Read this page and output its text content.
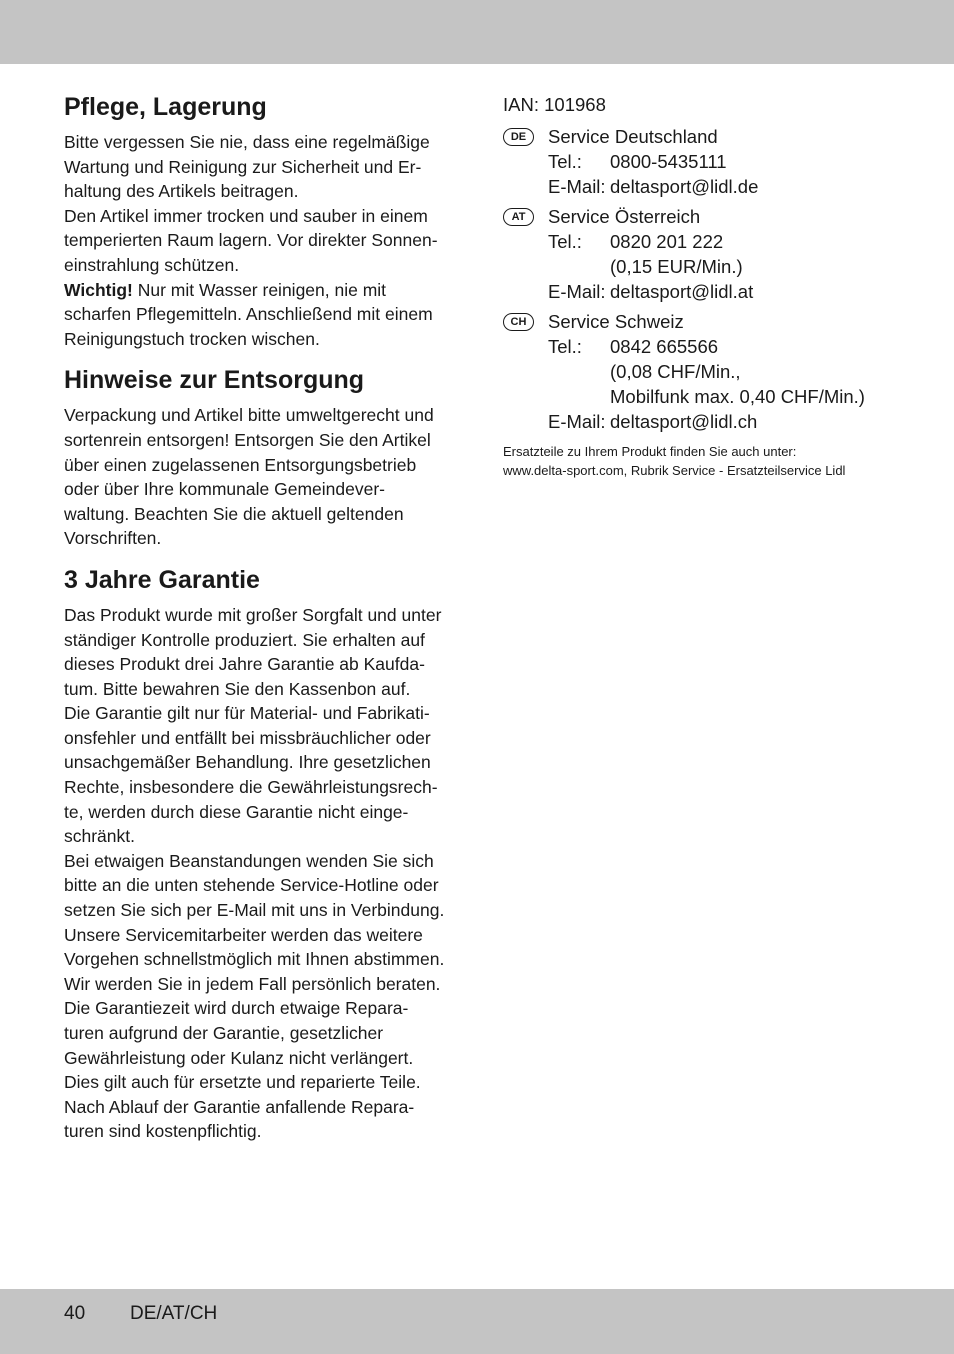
Pflege, Lagerung

Bitte vergessen Sie nie, dass eine regelmäßige
Wartung und Reinigung zur Sicherheit und Er-
haltung des Artikels beitragen.
Den Artikel immer trocken und sauber in einem
temperierten Raum lagern. Vor direkter Sonnen-
einstrahlung schützen.
Wichtig! Nur mit Wasser reinigen, nie mit
scharfen Pflegemitteln. Anschließend mit einem
Reinigungstuch trocken wischen.

Hinweise zur Entsorgung

Verpackung und Artikel bitte umweltgerecht und
sortenrein entsorgen! Entsorgen Sie den Artikel
über einen zugelassenen Entsorgungsbetrieb
oder über Ihre kommunale Gemeindever-
waltung. Beachten Sie die aktuell geltenden
Vorschriften.

3 Jahre Garantie

Das Produkt wurde mit großer Sorgfalt und unter
ständiger Kontrolle produziert. Sie erhalten auf
dieses Produkt drei Jahre Garantie ab Kaufda-
tum. Bitte bewahren Sie den Kassenbon auf.
Die Garantie gilt nur für Material- und Fabrikati-
onsfehler und entfällt bei missbräuchlicher oder
unsachgemäßer Behandlung. Ihre gesetzlichen
Rechte, insbesondere die Gewährleistungsrech-
te, werden durch diese Garantie nicht einge-
schränkt.
Bei etwaigen Beanstandungen wenden Sie sich
bitte an die unten stehende Service-Hotline oder
setzen Sie sich per E-Mail mit uns in Verbindung.
Unsere Servicemitarbeiter werden das weitere
Vorgehen schnellstmöglich mit Ihnen abstimmen.
Wir werden Sie in jedem Fall persönlich beraten.
Die Garantiezeit wird durch etwaige Repara-
turen aufgrund der Garantie, gesetzlicher
Gewährleistung oder Kulanz nicht verlängert.
Dies gilt auch für ersetzte und reparierte Teile.
Nach Ablauf der Garantie anfallende Repara-
turen sind kostenpflichtig.

IAN: 101968
DE	Service Deutschland
Tel.: 0800-5435111
E-Mail: deltasport@lidl.de
AT	Service Österreich
Tel.: 0820 201 222
(0,15 EUR/Min.)
E-Mail: deltasport@lidl.at
CH	Service Schweiz
Tel.: 0842 665566
(0,08 CHF/Min.,
Mobilfunk max. 0,40 CHF/Min.)
E-Mail: deltasport@lidl.ch
Ersatzteile zu Ihrem Produkt finden Sie auch unter:
www.delta-sport.com, Rubrik Service - Ersatzteilservice Lidl
40 DE/AT/CH
